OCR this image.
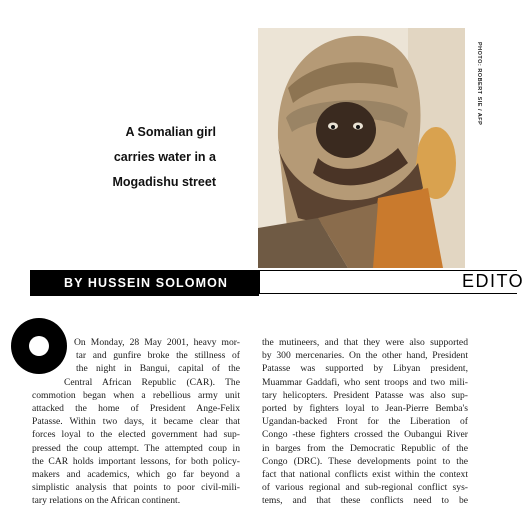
PHOTO: ROBERT SIE / AFP
A Somalian girl
carries water in a
Mogadishu street
BY HUSSEIN SOLOMON	EDITO
On Monday, 28 May 2001, heavy mor-
tar and gunfire broke the stillness of
the night in Bangui, capital of the
Central African Republic (CAR). The
commotion began when a rebellious army unit
attacked the home of President Ange-Felix
Patasse. Within two days, it became clear that
forces loyal to the elected government had sup-
pressed the coup attempt. The attempted coup in
the CAR holds important lessons, for both policy-
makers and academics, which go far beyond a
simplistic analysis that points to poor civil-mili-
tary relations on the African continent.
the mutineers, and that they were also supported
by 300 mercenaries. On the other hand, President
Patasse was supported by Libyan president,
Muammar Gaddafi, who sent troops and two mili-
tary helicopters. President Patasse was also sup-
ported by fighters loyal to Jean-Pierre Bemba's
Ugandan-backed Front for the Liberation of
Congo -these fighters crossed the Oubangui River
in barges from the Democratic Republic of the
Congo (DRC). These developments point to the
fact that national conflicts exist within the context
of various regional and sub-regional conflict sys-
tems, and that these conflicts need to be
